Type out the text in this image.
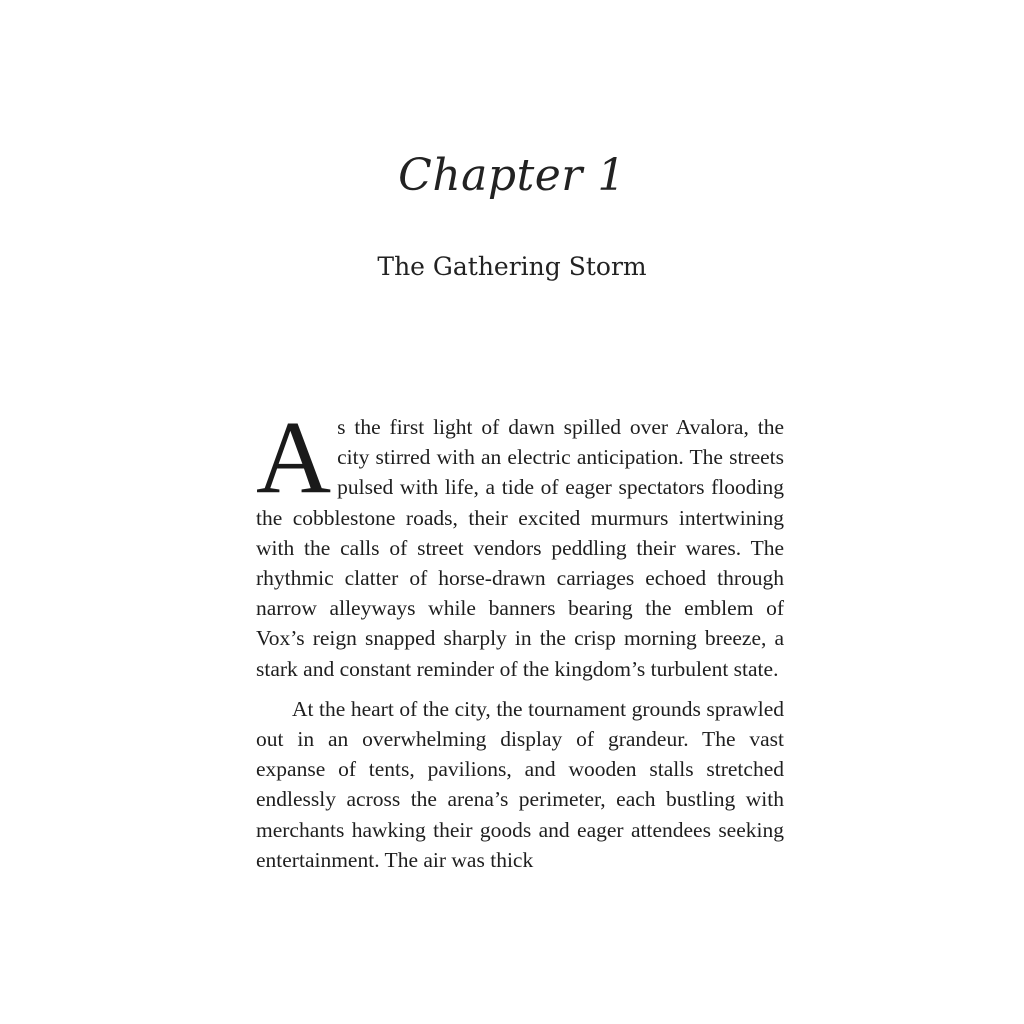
Chapter 1
The Gathering Storm

As the first light of dawn spilled over Avalora, the city stirred with an electric anticipation. The streets pulsed with life, a tide of eager spectators flooding the cobblestone roads, their excited murmurs intertwining with the calls of street vendors peddling their wares. The rhythmic clatter of horse-drawn carriages echoed through narrow alleyways while banners bearing the emblem of Vox’s reign snapped sharply in the crisp morning breeze, a stark and constant reminder of the kingdom’s turbulent state.

At the heart of the city, the tournament grounds sprawled out in an overwhelming display of grandeur. The vast expanse of tents, pavilions, and wooden stalls stretched endlessly across the arena’s perimeter, each bustling with merchants hawking their goods and eager attendees seeking entertainment. The air was thick
